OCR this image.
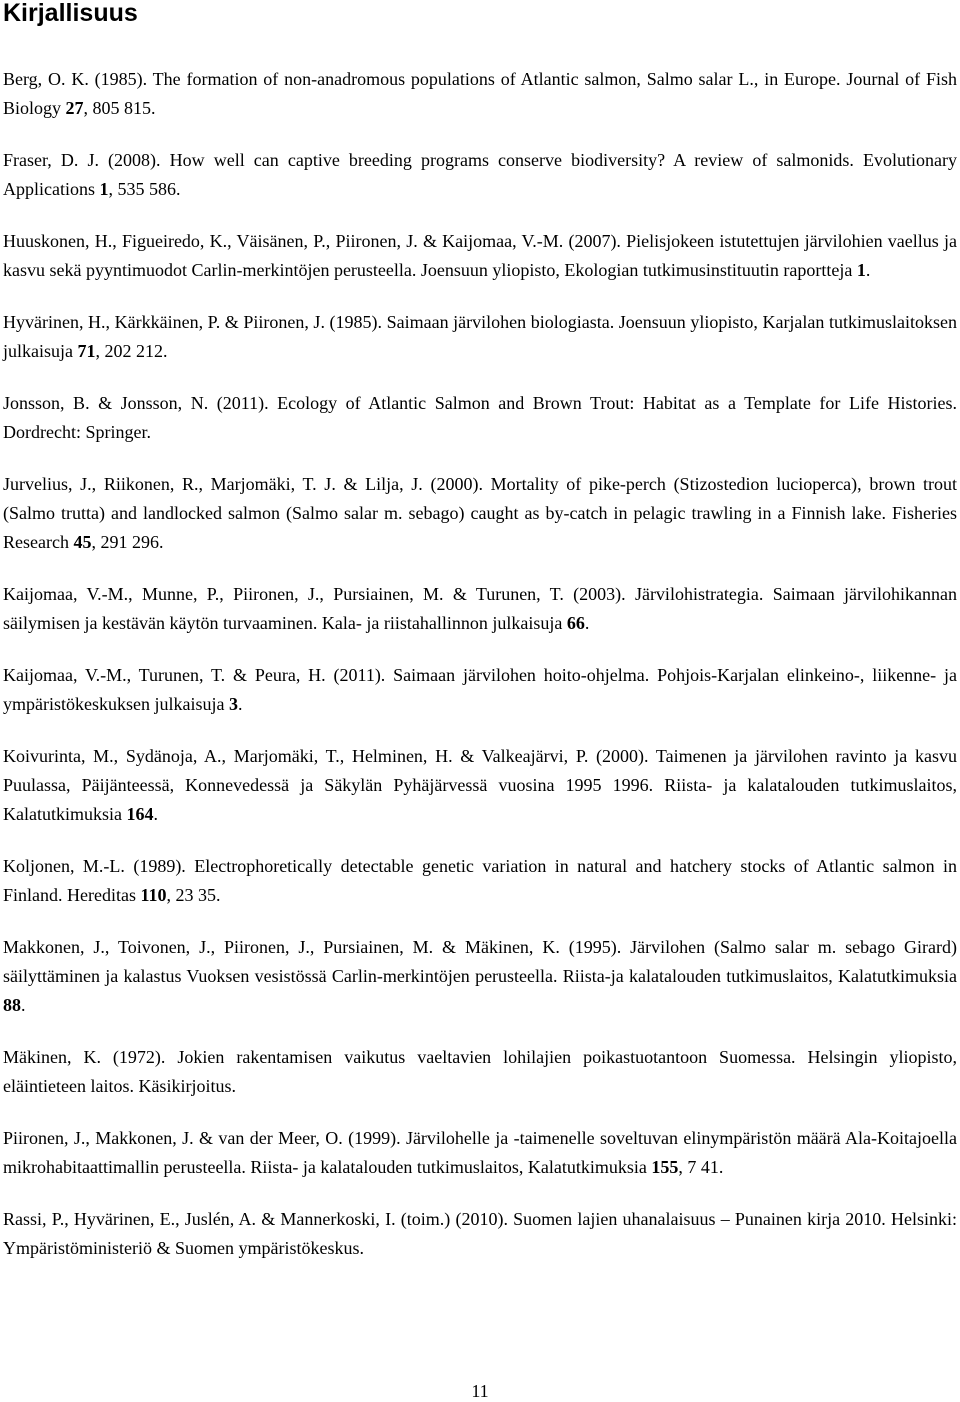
Kirjallisuus

Berg, O. K. (1985). The formation of non-anadromous populations of Atlantic salmon, Salmo salar L., in Europe. Journal of Fish Biology 27, 805 815.

Fraser, D. J. (2008). How well can captive breeding programs conserve biodiversity? A review of salmonids. Evolutionary Applications 1, 535 586.

Huuskonen, H., Figueiredo, K., Väisänen, P., Piironen, J. & Kaijomaa, V.-M. (2007). Pielisjokeen istutettujen järvilohien vaellus ja kasvu sekä pyyntimuodot Carlin-merkintöjen perusteella. Joensuun yliopisto, Ekologian tutkimusinstituutin raportteja 1.

Hyvärinen, H., Kärkkäinen, P. & Piironen, J. (1985). Saimaan järvilohen biologiasta. Joensuun yliopisto, Karjalan tutkimuslaitoksen julkaisuja 71, 202 212.

Jonsson, B. & Jonsson, N. (2011). Ecology of Atlantic Salmon and Brown Trout: Habitat as a Template for Life Histories. Dordrecht: Springer.

Jurvelius, J., Riikonen, R., Marjomäki, T. J. & Lilja, J. (2000). Mortality of pike-perch (Stizostedion lucioperca), brown trout (Salmo trutta) and landlocked salmon (Salmo salar m. sebago) caught as by-catch in pelagic trawling in a Finnish lake. Fisheries Research 45, 291 296.

Kaijomaa, V.-M., Munne, P., Piironen, J., Pursiainen, M. & Turunen, T. (2003). Järvilohistrategia. Saimaan järvilohikannan säilymisen ja kestävän käytön turvaaminen. Kala- ja riistahallinnon julkaisuja 66.

Kaijomaa, V.-M., Turunen, T. & Peura, H. (2011). Saimaan järvilohen hoito-ohjelma. Pohjois-Karjalan elinkeino-, liikenne- ja ympäristökeskuksen julkaisuja 3.

Koivurinta, M., Sydänoja, A., Marjomäki, T., Helminen, H. & Valkeajärvi, P. (2000). Taimenen ja järvilohen ravinto ja kasvu Puulassa, Päijänteessä, Konnevedessä ja Säkylän Pyhäjärvessä vuosina 1995 1996. Riista- ja kalatalouden tutkimuslaitos, Kalatutkimuksia 164.

Koljonen, M.-L. (1989). Electrophoretically detectable genetic variation in natural and hatchery stocks of Atlantic salmon in Finland. Hereditas 110, 23 35.

Makkonen, J., Toivonen, J., Piironen, J., Pursiainen, M. & Mäkinen, K. (1995). Järvilohen (Salmo salar m. sebago Girard) säilyttäminen ja kalastus Vuoksen vesistössä Carlin-merkintöjen perusteella. Riista-ja kalatalouden tutkimuslaitos, Kalatutkimuksia 88.

Mäkinen, K. (1972). Jokien rakentamisen vaikutus vaeltavien lohilajien poikastuotantoon Suomessa. Helsingin yliopisto, eläintieteen laitos. Käsikirjoitus.

Piironen, J., Makkonen, J. & van der Meer, O. (1999). Järvilohelle ja -taimenelle soveltuvan elinympäristön määrä Ala-Koitajoella mikrohabitaattimallin perusteella. Riista- ja kalatalouden tutkimuslaitos, Kalatutkimuksia 155, 7 41.

Rassi, P., Hyvärinen, E., Juslén, A. & Mannerkoski, I. (toim.) (2010). Suomen lajien uhanalaisuus – Punainen kirja 2010. Helsinki: Ympäristöministeriö & Suomen ympäristökeskus.

11
